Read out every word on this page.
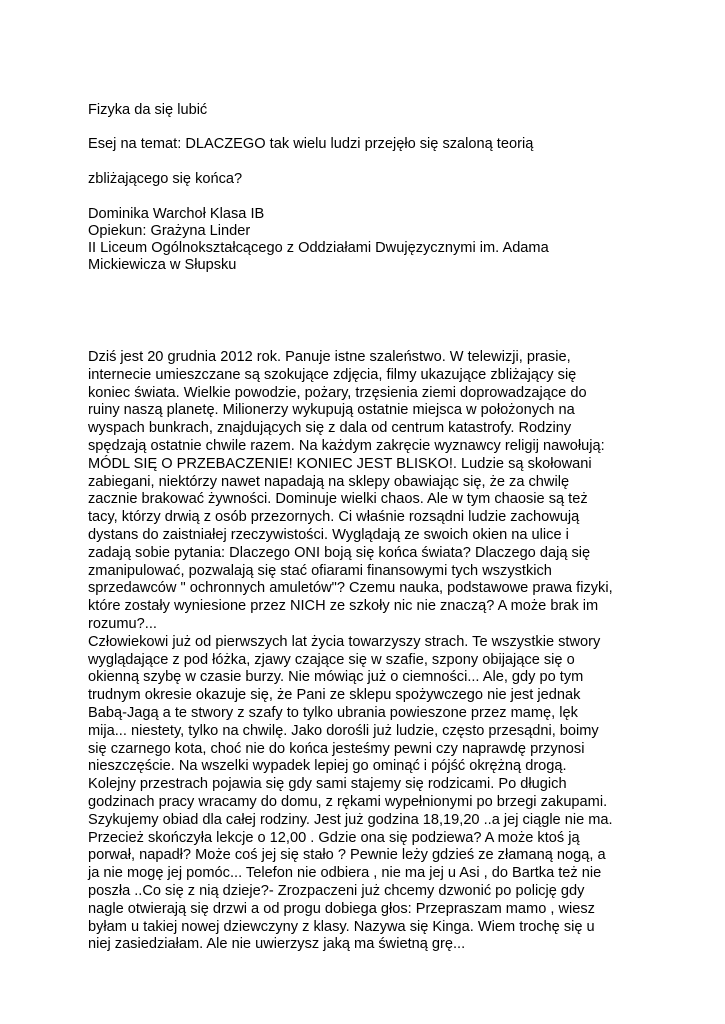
Fizyka da się lubić

Esej na temat: DLACZEGO tak wielu ludzi przejęło się szaloną teorią

zbliżającego się końca?

Dominika Warchoł Klasa IB

Opiekun: Grażyna Linder

II Liceum Ogólnokształcącego z Oddziałami Dwujęzycznymi im. Adama

Mickiewicza w Słupsku

Dziś jest 20 grudnia 2012 rok. Panuje istne szaleństwo. W telewizji, prasie,

internecie umieszczane są szokujące zdjęcia, filmy ukazujące zbliżający się

koniec świata. Wielkie powodzie, pożary, trzęsienia ziemi doprowadzające do

ruiny naszą planetę. Milionerzy wykupują ostatnie miejsca w położonych na

wyspach bunkrach, znajdujących się z dala od centrum katastrofy. Rodziny

spędzają ostatnie chwile razem. Na każdym zakręcie wyznawcy religij nawołują:

MÓDL SIĘ O PRZEBACZENIE! KONIEC JEST BLISKO!. Ludzie są skołowani

zabiegani, niektórzy nawet napadają na sklepy obawiając się, że za chwilę

zacznie brakować żywności. Dominuje wielki chaos. Ale w tym chaosie są też

tacy, którzy drwią z osób przezornych. Ci właśnie rozsądni ludzie zachowują

dystans do zaistniałej rzeczywistości. Wyglądają ze swoich okien na ulice i

zadają sobie pytania: Dlaczego ONI boją się końca świata? Dlaczego dają się

zmanipulować, pozwalają się stać ofiarami finansowymi tych wszystkich

sprzedawców " ochronnych amuletów"? Czemu nauka, podstawowe prawa fizyki,

które zostały wyniesione przez NICH ze szkoły nic nie znaczą? A może brak im

rozumu?...

Człowiekowi już od pierwszych lat życia towarzyszy strach. Te wszystkie stwory

wyglądające z pod łóżka, zjawy czające się w szafie, szpony obijające się o

okienną szybę w czasie burzy. Nie mówiąc już o ciemności... Ale, gdy po tym

trudnym okresie okazuje się, że Pani ze sklepu spożywczego nie jest jednak

Babą-Jagą a te stwory z szafy to tylko ubrania powieszone przez mamę, lęk

mija... niestety, tylko na chwilę. Jako dorośli już ludzie, często przesądni, boimy

się czarnego kota, choć nie do końca jesteśmy pewni czy naprawdę przynosi

nieszczęście. Na wszelki wypadek lepiej go ominąć i pójść okrężną drogą.

Kolejny przestrach pojawia się gdy sami stajemy się rodzicami. Po długich

godzinach pracy wracamy do domu, z rękami wypełnionymi po brzegi zakupami.

Szykujemy obiad dla całej rodziny. Jest już godzina 18,19,20 ..a jej ciągle nie ma.

Przecież skończyła lekcje o 12,00 . Gdzie ona się podziewa? A może ktoś ją

porwał, napadł? Może coś jej się stało ? Pewnie leży gdzieś ze złamaną nogą, a

ja nie mogę jej pomóc... Telefon nie odbiera , nie ma jej u Asi , do Bartka też nie

poszła ..Co się z nią dzieje?- Zrozpaczeni już chcemy dzwonić po policję gdy

nagle otwierają się drzwi a od progu dobiega głos: Przepraszam mamo , wiesz

byłam u takiej nowej dziewczyny z klasy. Nazywa się Kinga. Wiem trochę się u

niej zasiedziałam. Ale nie uwierzysz jaką ma świetną grę...
